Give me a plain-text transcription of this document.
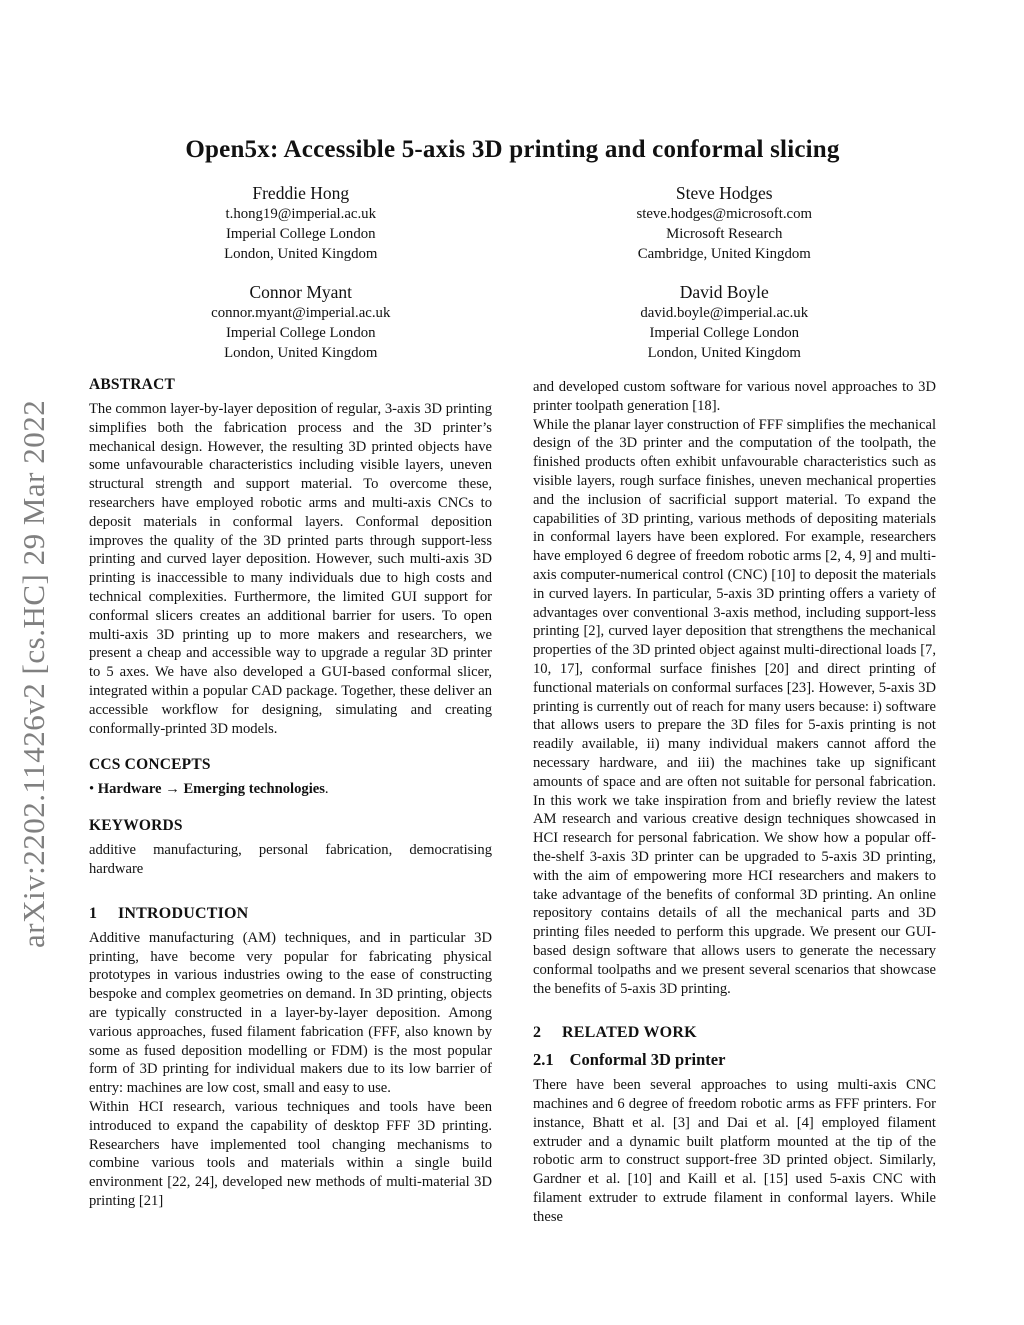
arXiv:2202.11426v2 [cs.HC] 29 Mar 2022
Open5x: Accessible 5-axis 3D printing and conformal slicing
Freddie Hong
t.hong19@imperial.ac.uk
Imperial College London
London, United Kingdom
Steve Hodges
steve.hodges@microsoft.com
Microsoft Research
Cambridge, United Kingdom
Connor Myant
connor.myant@imperial.ac.uk
Imperial College London
London, United Kingdom
David Boyle
david.boyle@imperial.ac.uk
Imperial College London
London, United Kingdom
ABSTRACT

The common layer-by-layer deposition of regular, 3-axis 3D printing simplifies both the fabrication process and the 3D printer’s mechanical design. However, the resulting 3D printed objects have some unfavourable characteristics including visible layers, uneven structural strength and support material. To overcome these, researchers have employed robotic arms and multi-axis CNCs to deposit materials in conformal layers. Conformal deposition improves the quality of the 3D printed parts through support-less printing and curved layer deposition. However, such multi-axis 3D printing is inaccessible to many individuals due to high costs and technical complexities. Furthermore, the limited GUI support for conformal slicers creates an additional barrier for users. To open multi-axis 3D printing up to more makers and researchers, we present a cheap and accessible way to upgrade a regular 3D printer to 5 axes. We have also developed a GUI-based conformal slicer, integrated within a popular CAD package. Together, these deliver an accessible workflow for designing, simulating and creating conformally-printed 3D models.

CCS CONCEPTS

• Hardware → Emerging technologies.

KEYWORDS

additive manufacturing, personal fabrication, democratising hardware

1 INTRODUCTION

Additive manufacturing (AM) techniques, and in particular 3D printing, have become very popular for fabricating physical prototypes in various industries owing to the ease of constructing bespoke and complex geometries on demand. In 3D printing, objects are typically constructed in a layer-by-layer deposition. Among various approaches, fused filament fabrication (FFF, also known by some as fused deposition modelling or FDM) is the most popular form of 3D printing for individual makers due to its low barrier of entry: machines are low cost, small and easy to use.

Within HCI research, various techniques and tools have been introduced to expand the capability of desktop FFF 3D printing. Researchers have implemented tool changing mechanisms to combine various tools and materials within a single build environment [22, 24], developed new methods of multi-material 3D printing [21]

and developed custom software for various novel approaches to 3D printer toolpath generation [18].

While the planar layer construction of FFF simplifies the mechanical design of the 3D printer and the computation of the toolpath, the finished products often exhibit unfavourable characteristics such as visible layers, rough surface finishes, uneven mechanical properties and the inclusion of sacrificial support material. To expand the capabilities of 3D printing, various methods of depositing materials in conformal layers have been explored. For example, researchers have employed 6 degree of freedom robotic arms [2, 4, 9] and multi-axis computer-numerical control (CNC) [10] to deposit the materials in curved layers. In particular, 5-axis 3D printing offers a variety of advantages over conventional 3-axis method, including support-less printing [2], curved layer deposition that strengthens the mechanical properties of the 3D printed object against multi-directional loads [7, 10, 17], conformal surface finishes [20] and direct printing of functional materials on conformal surfaces [23]. However, 5-axis 3D printing is currently out of reach for many users because: i) software that allows users to prepare the 3D files for 5-axis printing is not readily available, ii) many individual makers cannot afford the necessary hardware, and iii) the machines take up significant amounts of space and are often not suitable for personal fabrication. In this work we take inspiration from and briefly review the latest AM research and various creative design techniques showcased in HCI research for personal fabrication. We show how a popular off-the-shelf 3-axis 3D printer can be upgraded to 5-axis 3D printing, with the aim of empowering more HCI researchers and makers to take advantage of the benefits of conformal 3D printing. An online repository contains details of all the mechanical parts and 3D printing files needed to perform this upgrade. We present our GUI-based design software that allows users to generate the necessary conformal toolpaths and we present several scenarios that showcase the benefits of 5-axis 3D printing.

2 RELATED WORK
2.1 Conformal 3D printer

There have been several approaches to using multi-axis CNC machines and 6 degree of freedom robotic arms as FFF printers. For instance, Bhatt et al. [3] and Dai et al. [4] employed filament extruder and a dynamic built platform mounted at the tip of the robotic arm to construct support-free 3D printed object. Similarly, Gardner et al. [10] and Kaill et al. [15] used 5-axis CNC with filament extruder to extrude filament in conformal layers. While these
